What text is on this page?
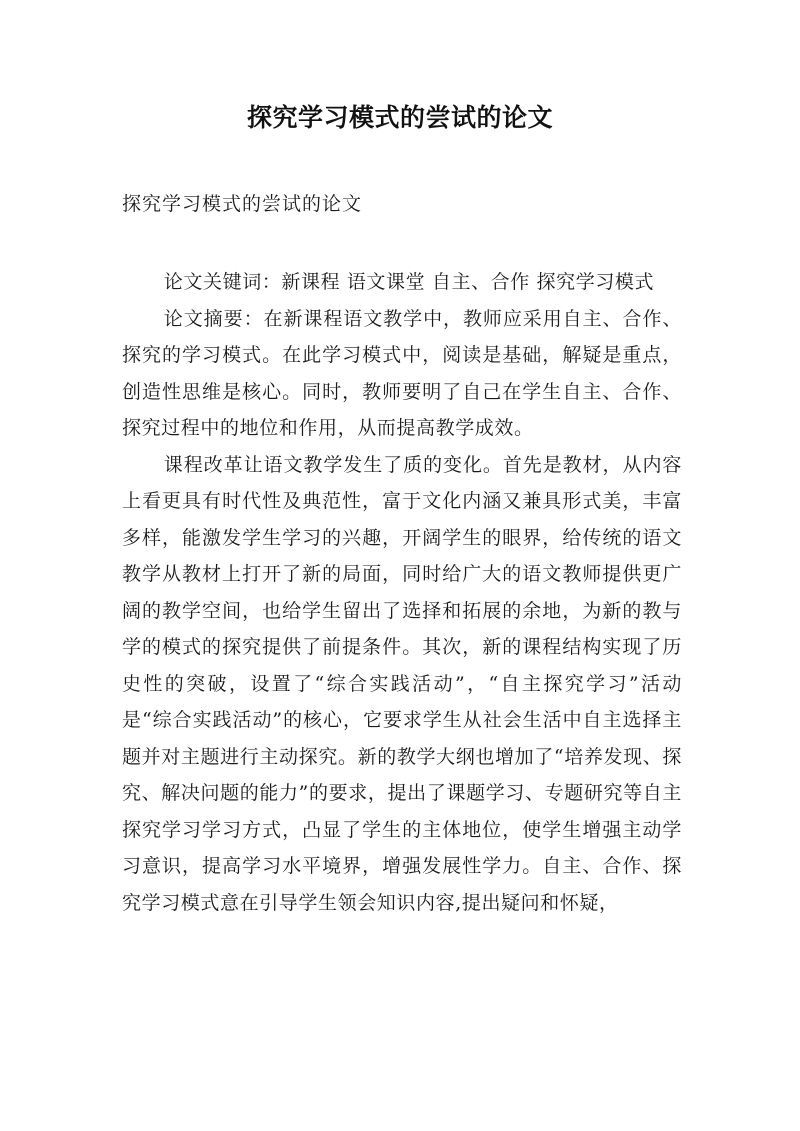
探究学习模式的尝试的论文
探究学习模式的尝试的论文

论文关键词：新课程 语文课堂 自主、合作 探究学习模式

论文摘要：在新课程语文教学中，教师应采用自主、合作、探究的学习模式。在此学习模式中，阅读是基础，解疑是重点，创造性思维是核心。同时，教师要明了自己在学生自主、合作、探究过程中的地位和作用，从而提高教学成效。

课程改革让语文教学发生了质的变化。首先是教材，从内容上看更具有时代性及典范性，富于文化内涵又兼具形式美，丰富多样，能激发学生学习的兴趣，开阔学生的眼界，给传统的语文教学从教材上打开了新的局面，同时给广大的语文教师提供更广阔的教学空间，也给学生留出了选择和拓展的余地，为新的教与学的模式的探究提供了前提条件。其次，新的课程结构实现了历史性的突破，设置了“综合实践活动”，“自主探究学习”活动是“综合实践活动”的核心，它要求学生从社会生活中自主选择主题并对主题进行主动探究。新的教学大纲也增加了“培养发现、探究、解决问题的能力”的要求，提出了课题学习、专题研究等自主探究学习学习方式，凸显了学生的主体地位，使学生增强主动学习意识，提高学习水平境界，增强发展性学力。自主、合作、探究学习模式意在引导学生领会知识内容,提出疑问和怀疑，
